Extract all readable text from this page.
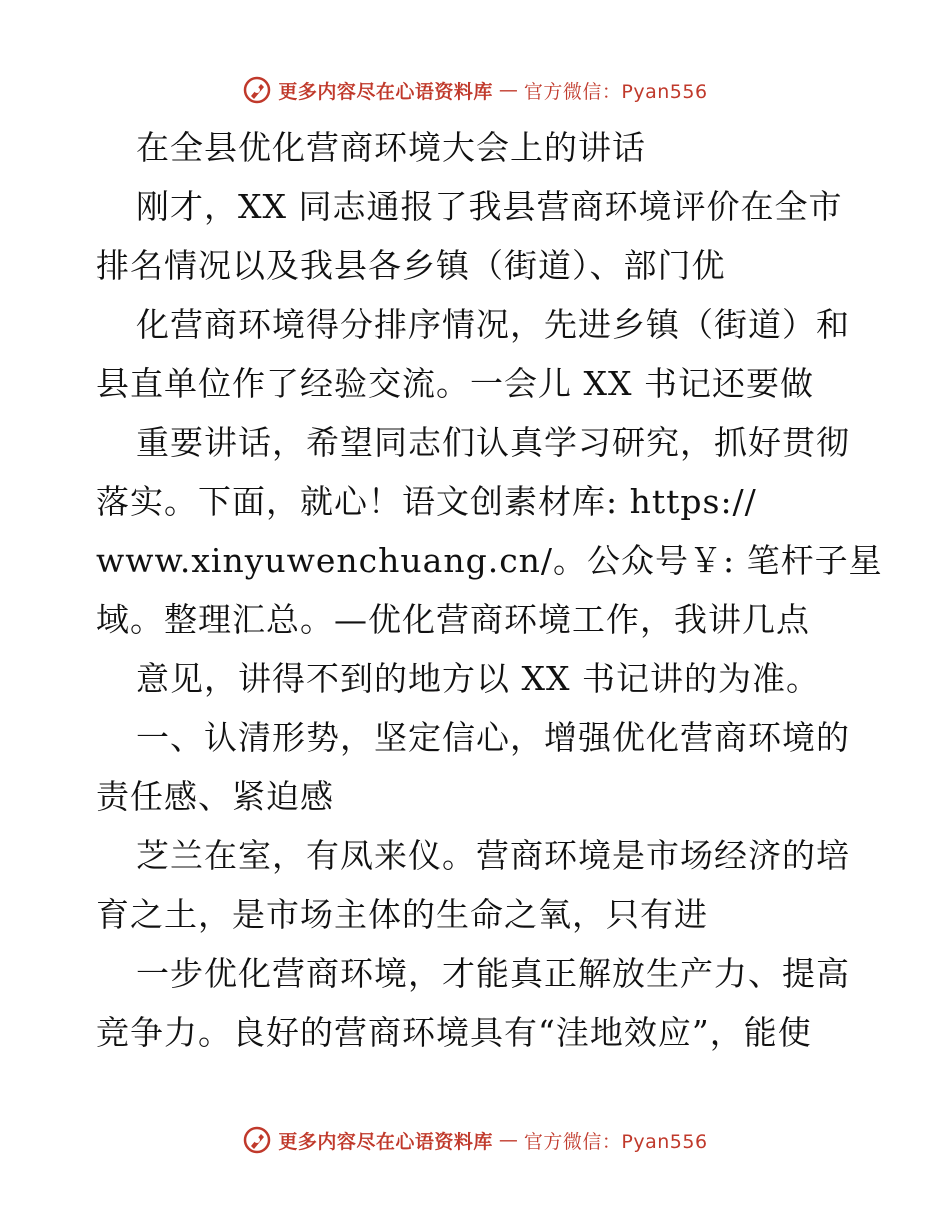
更多内容尽在心语资料库 — 官方微信：Pyan556
在全县优化营商环境大会上的讲话
刚才，XX 同志通报了我县营商环境评价在全市
排名情况以及我县各乡镇（街道）、部门优
化营商环境得分排序情况，先进乡镇（街道）和
县直单位作了经验交流。一会儿 XX 书记还要做
重要讲话，希望同志们认真学习研究，抓好贯彻
落实。下面，就心！语文创素材库: https://
www.xinyuwenchuang.cn/。公众号￥: 笔杆子星
域。整理汇总。—优化营商环境工作，我讲几点
意见，讲得不到的地方以 XX 书记讲的为准。
一、认清形势，坚定信心，增强优化营商环境的
责任感、紧迫感
芝兰在室，有凤来仪。营商环境是市场经济的培
育之土，是市场主体的生命之氧，只有进
一步优化营商环境，才能真正解放生产力、提高
竞争力。良好的营商环境具有“洼地效应”，能使
更多内容尽在心语资料库 — 官方微信：Pyan556
